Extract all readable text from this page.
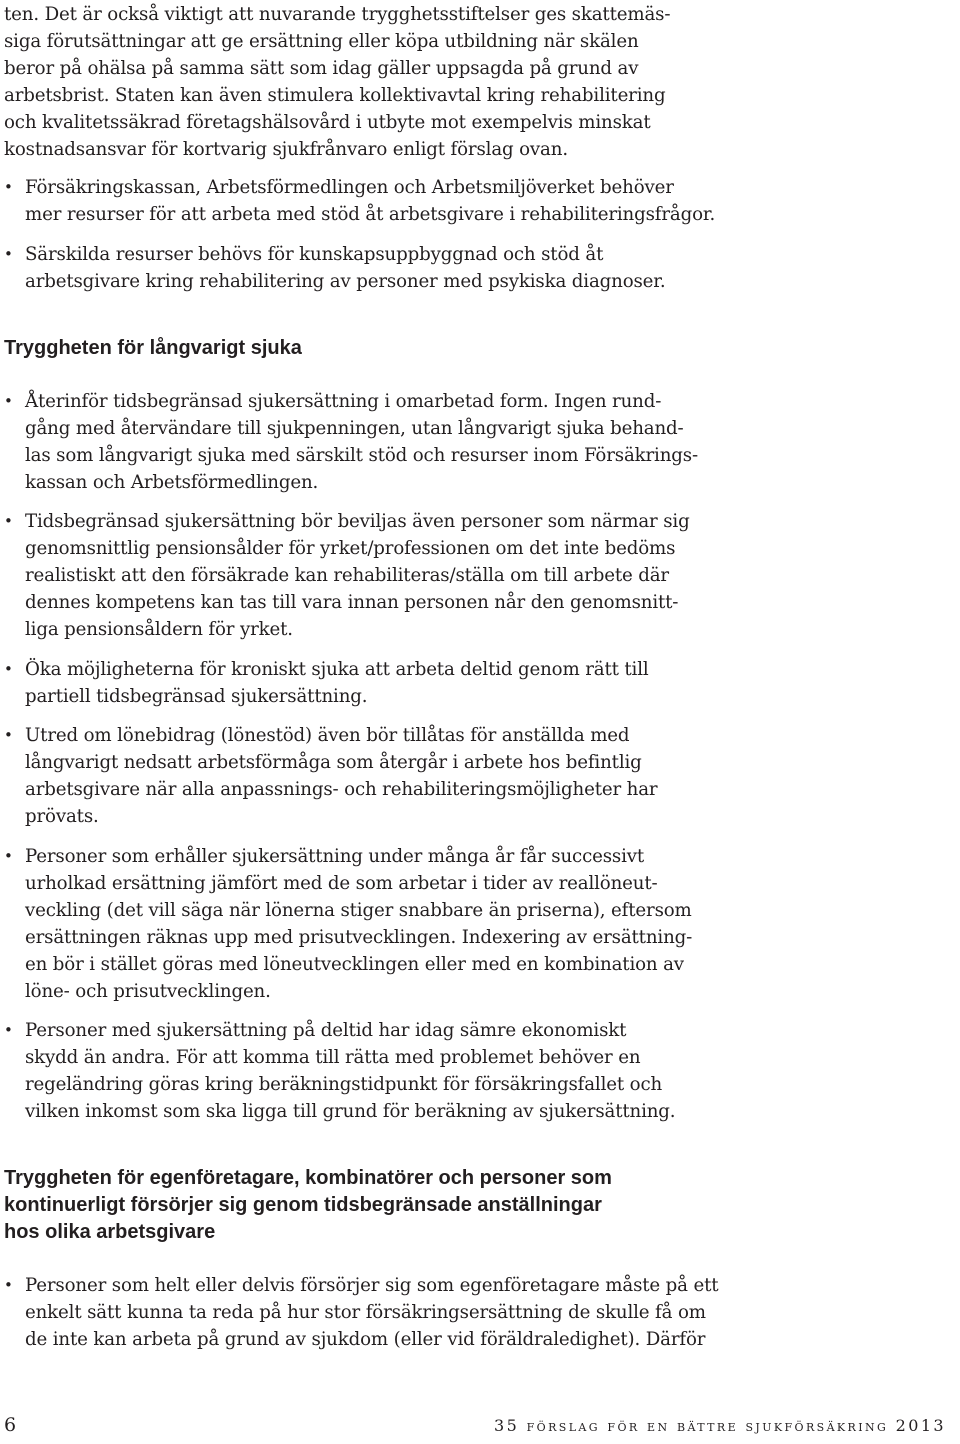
ten. Det är också viktigt att nuvarande trygghetsstiftelser ges skattemäs-
siga förutsättningar att ge ersättning eller köpa utbildning när skälen
beror på ohälsa på samma sätt som idag gäller uppsagda på grund av
arbetsbrist. Staten kan även stimulera kollektivavtal kring rehabilitering
och kvalitetssäkrad företagshälsovård i utbyte mot exempelvis minskat
kostnadsansvar för kortvarig sjukfrånvaro enligt förslag ovan.
• Försäkringskassan, Arbetsförmedlingen och Arbetsmiljöverket behöver
mer resurser för att arbeta med stöd åt arbetsgivare i rehabiliteringsfrågor.
• Särskilda resurser behövs för kunskapsuppbyggnad och stöd åt
arbetsgivare kring rehabilitering av personer med psykiska diagnoser.
Tryggheten för långvarigt sjuka
• Återinför tidsbegränsad sjukersättning i omarbetad form. Ingen rund-
gång med återvändare till sjukpenningen, utan långvarigt sjuka behand-
las som långvarigt sjuka med särskilt stöd och resurser inom Försäkrings-
kassan och Arbetsförmedlingen.
• Tidsbegränsad sjukersättning bör beviljas även personer som närmar sig
genomsnittlig pensionsålder för yrket/professionen om det inte bedöms
realistiskt att den försäkrade kan rehabiliteras/ställa om till arbete där
dennes kompetens kan tas till vara innan personen når den genomsnitt-
liga pensionsåldern för yrket.
• Öka möjligheterna för kroniskt sjuka att arbeta deltid genom rätt till
partiell tidsbegränsad sjukersättning.
• Utred om lönebidrag (lönestöd) även bör tillåtas för anställda med
långvarigt nedsatt arbetsförmåga som återgår i arbete hos befintlig
arbetsgivare när alla anpassnings- och rehabiliteringsmöjligheter har
prövats.
• Personer som erhåller sjukersättning under många år får successivt
urholkad ersättning jämfört med de som arbetar i tider av reallöneut-
veckling (det vill säga när lönerna stiger snabbare än priserna), eftersom
ersättningen räknas upp med prisutvecklingen. Indexering av ersättning-
en bör i stället göras med löneutvecklingen eller med en kombination av
löne- och prisutvecklingen.
• Personer med sjukersättning på deltid har idag sämre ekonomiskt
skydd än andra. För att komma till rätta med problemet behöver en
regeländring göras kring beräkningstidpunkt för försäkringsfallet och
vilken inkomst som ska ligga till grund för beräkning av sjukersättning.
Tryggheten för egenföretagare, kombinatörer och personer som
kontinuerligt försörjer sig genom tidsbegränsade anställningar
hos olika arbetsgivare
• Personer som helt eller delvis försörjer sig som egenföretagare måste på ett
enkelt sätt kunna ta reda på hur stor försäkringsersättning de skulle få om
de inte kan arbeta på grund av sjukdom (eller vid föräldraledighet). Därför
6	35 förslag för en bättre sjukförsäkring 2013
